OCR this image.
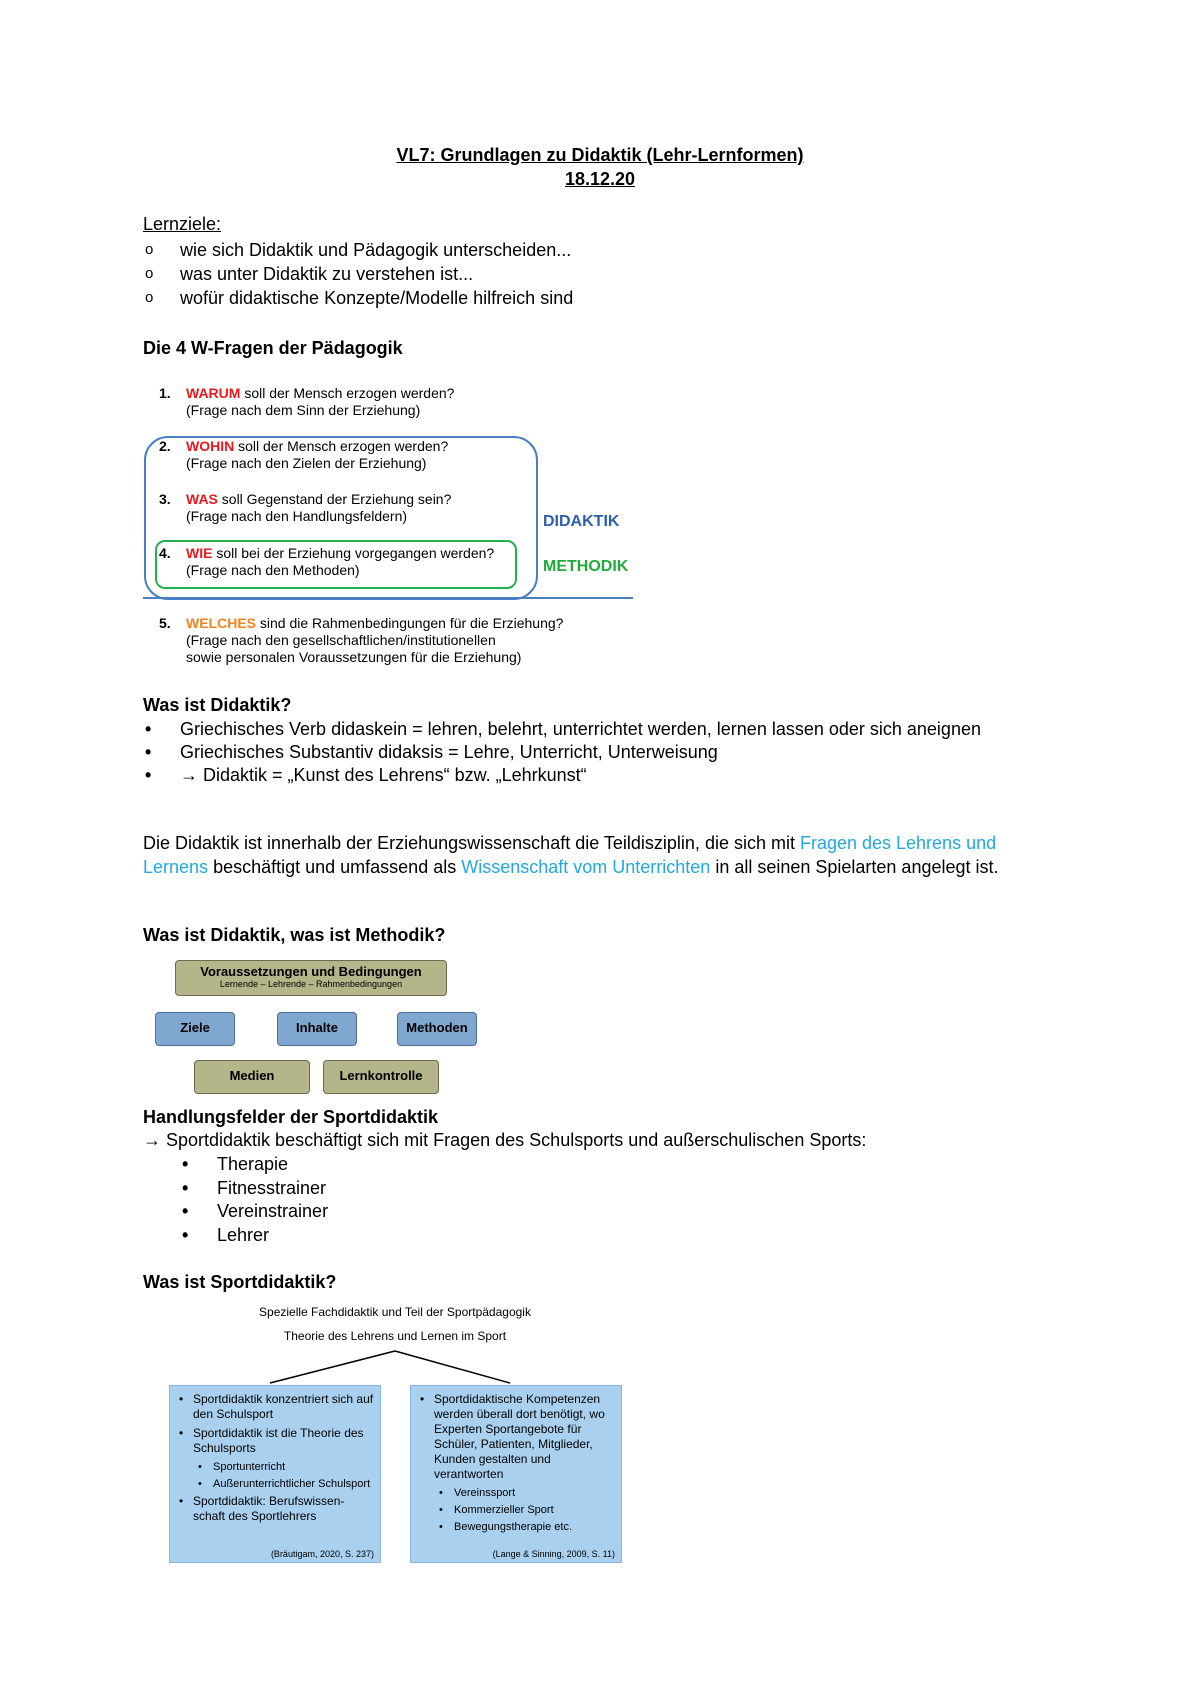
VL7: Grundlagen zu Didaktik (Lehr-Lernformen)
18.12.20
Lernziele:
o wie sich Didaktik und Pädagogik unterscheiden...
o was unter Didaktik zu verstehen ist...
o wofür didaktische Konzepte/Modelle hilfreich sind
Die 4 W-Fragen der Pädagogik
1. WARUM soll der Mensch erzogen werden?
(Frage nach dem Sinn der Erziehung)
2. WOHIN soll der Mensch erzogen werden?
(Frage nach den Zielen der Erziehung)
3. WAS soll Gegenstand der Erziehung sein?
(Frage nach den Handlungsfeldern)
4. WIE soll bei der Erziehung vorgegangen werden?
(Frage nach den Methoden)
5. WELCHES sind die Rahmenbedingungen für die Erziehung?
(Frage nach den gesellschaftlichen/institutionellen
sowie personalen Voraussetzungen für die Erziehung)
DIDAKTIK
METHODIK
Was ist Didaktik?
• Griechisches Verb didaskein = lehren, belehrt, unterrichtet werden, lernen lassen oder sich aneignen
• Griechisches Substantiv didaksis = Lehre, Unterricht, Unterweisung
• → Didaktik = „Kunst des Lehrens“ bzw. „Lehrkunst“
Die Didaktik ist innerhalb der Erziehungswissenschaft die Teildisziplin, die sich mit Fragen des Lehrens und Lernens beschäftigt und umfassend als Wissenschaft vom Unterrichten in all seinen Spielarten angelegt ist.
Was ist Didaktik, was ist Methodik?
Voraussetzungen und Bedingungen
Lernende – Lehrende – Rahmenbedingungen
Ziele	Inhalte	Methoden
Medien	Lernkontrolle
Handlungsfelder der Sportdidaktik
→ Sportdidaktik beschäftigt sich mit Fragen des Schulsports und außerschulischen Sports:
• Therapie
• Fitnesstrainer
• Vereinstrainer
• Lehrer
Was ist Sportdidaktik?
Spezielle Fachdidaktik und Teil der Sportpädagogik
Theorie des Lehrens und Lernen im Sport
• Sportdidaktik konzentriert sich auf den Schulsport
• Sportdidaktik ist die Theorie des Schulsports
• Sportunterricht
• Außerunterrichtlicher Schulsport
• Sportdidaktik: Berufswissen-schaft des Sportlehrers
(Bräutigam, 2020, S. 237)
• Sportdidaktische Kompetenzen werden überall dort benötigt, wo Experten Sportangebote für Schüler, Patienten, Mitglieder, Kunden gestalten und verantworten
• Vereinssport
• Kommerzieller Sport
• Bewegungstherapie etc.
(Lange & Sinning, 2009, S. 11)
